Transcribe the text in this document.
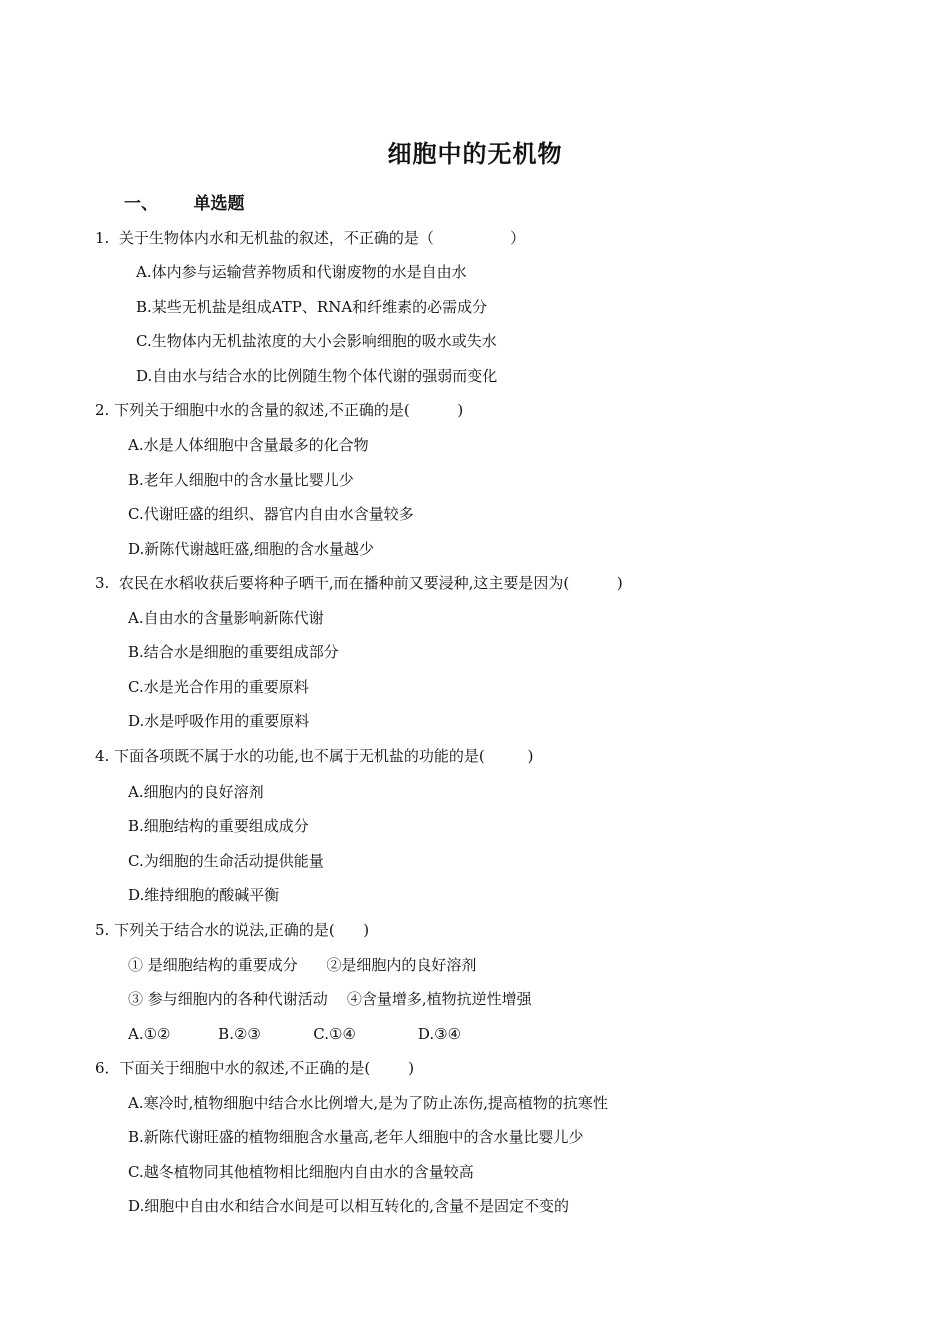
细胞中的无机物
一、 单选题
1.  关于生物体内水和无机盐的叙述，不正确的是（                ）
A.体内参与运输营养物质和代谢废物的水是自由水
B.某些无机盐是组成ATP、RNA和纤维素的必需成分
C.生物体内无机盐浓度的大小会影响细胞的吸水或失水
D.自由水与结合水的比例随生物个体代谢的强弱而变化
2. 下列关于细胞中水的含量的叙述,不正确的是(          )
A.水是人体细胞中含量最多的化合物
B.老年人细胞中的含水量比婴儿少
C.代谢旺盛的组织、器官内自由水含量较多
D.新陈代谢越旺盛,细胞的含水量越少
3.  农民在水稻收获后要将种子晒干,而在播种前又要浸种,这主要是因为(          )
A.自由水的含量影响新陈代谢
B.结合水是细胞的重要组成部分
C.水是光合作用的重要原料
D.水是呼吸作用的重要原料
4. 下面各项既不属于水的功能,也不属于无机盐的功能的是(         )
A.细胞内的良好溶剂
B.细胞结构的重要组成成分
C.为细胞的生命活动提供能量
D.维持细胞的酸碱平衡
5. 下列关于结合水的说法,正确的是(      )
① 是细胞结构的重要成分      ②是细胞内的良好溶剂
③ 参与细胞内的各种代谢活动    ④含量增多,植物抗逆性增强
A.①②          B.②③           C.①④             D.③④
6．下面关于细胞中水的叙述,不正确的是(        )
A.寒冷时,植物细胞中结合水比例增大,是为了防止冻伤,提高植物的抗寒性
B.新陈代谢旺盛的植物细胞含水量高,老年人细胞中的含水量比婴儿少
C.越冬植物同其他植物相比细胞内自由水的含量较高
D.细胞中自由水和结合水间是可以相互转化的,含量不是固定不变的
